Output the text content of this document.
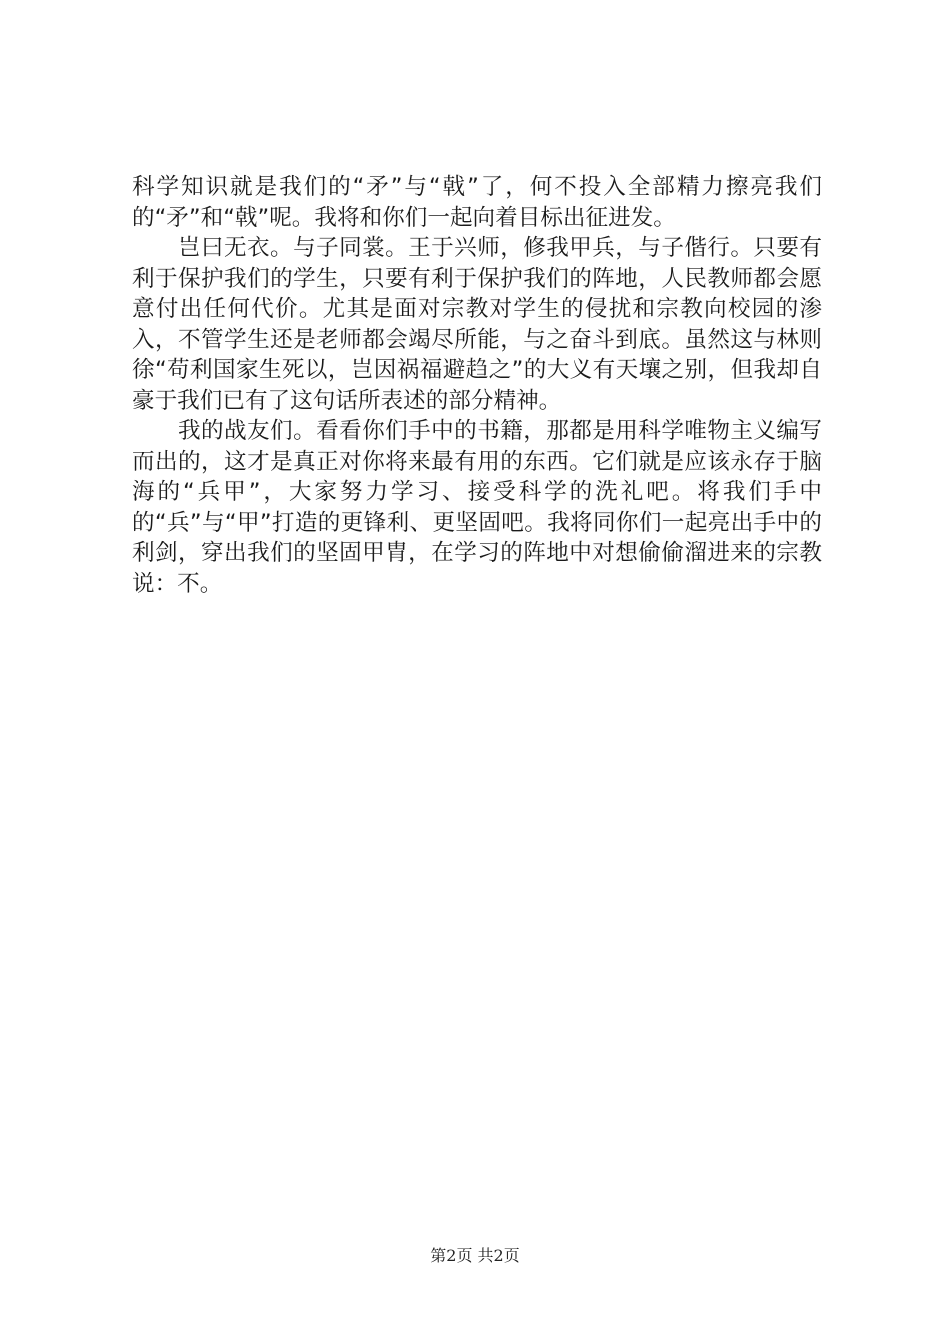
科学知识就是我们的“矛”与“戟”了，何不投入全部精力擦亮我们的“矛”和“戟”呢。我将和你们一起向着目标出征进发。

岂曰无衣。与子同裳。王于兴师，修我甲兵，与子偕行。只要有利于保护我们的学生，只要有利于保护我们的阵地，人民教师都会愿意付出任何代价。尤其是面对宗教对学生的侵扰和宗教向校园的渗入，不管学生还是老师都会竭尽所能，与之奋斗到底。虽然这与林则徐“苟利国家生死以，岂因祸福避趋之”的大义有天壤之别，但我却自豪于我们已有了这句话所表述的部分精神。

我的战友们。看看你们手中的书籍，那都是用科学唯物主义编写而出的，这才是真正对你将来最有用的东西。它们就是应该永存于脑海的“兵甲”，大家努力学习、接受科学的洗礼吧。将我们手中的“兵”与“甲”打造的更锋利、更坚固吧。我将同你们一起亮出手中的利剑，穿出我们的坚固甲胄，在学习的阵地中对想偷偷溜进来的宗教说：不。

第2页 共2页
